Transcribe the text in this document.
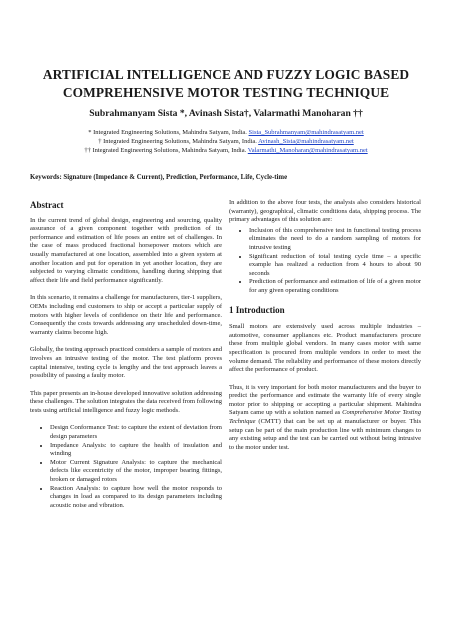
ARTIFICIAL INTELLIGENCE AND FUZZY LOGIC BASED
COMPREHENSIVE MOTOR TESTING TECHNIQUE
Subrahmanyam Sista *, Avinash Sista†, Valarmathi Manoharan ††
* Integrated Engineering Solutions, Mahindra Satyam, India. Sista_Subrahmanyam@mahindrasatyam.net
† Integrated Engineering Solutions, Mahindra Satyam, India. Avinash_Sista@mahindrasatyam.net
†† Integrated Engineering Solutions, Mahindra Satyam, India. Valarmathi_Manoharan@mahindrasatyam.net
Keywords: Signature (Impedance & Current), Prediction, Performance, Life, Cycle-time
Abstract

In the current trend of global design, engineering and sourcing, quality assurance of a given component together with prediction of its performance and estimation of life poses an entire set of challenges. In the case of mass produced fractional horsepower motors which are usually manufactured at one location, assembled into a given system at another location and put for operation in yet another location, they are subjected to varying climatic conditions, handling during shipping that affect their life and field performance significantly.

In this scenario, it remains a challenge for manufacturers, tier-1 suppliers, OEMs including end customers to ship or accept a particular supply of motors with higher levels of confidence on their life and performance. Consequently the costs towards addressing any unscheduled down-time, warranty claims become high.

Globally, the testing approach practiced considers a sample of motors and involves an intrusive testing of the motor. The test platform proves capital intensive, testing cycle is lengthy and the test approach leaves a possibility of passing a faulty motor.

This paper presents an in-house developed innovative solution addressing these challenges. The solution integrates the data received from following tests using artificial intelligence and fuzzy logic methods.

• Design Conformance Test: to capture the extent of deviation from design parameters
• Impedance Analysis: to capture the health of insulation and winding
• Motor Current Signature Analysis: to capture the mechanical defects like eccentricity of the motor, improper bearing fittings, broken or damaged rotors
• Reaction Analysis: to capture how well the motor responds to changes in load as compared to its design parameters including acoustic noise and vibration.

In addition to the above four tests, the analysis also considers historical (warranty), geographical, climatic conditions data, shipping process. The primary advantages of this solution are:

• Inclusion of this comprehensive test in functional testing process eliminates the need to do a random sampling of motors for intrusive testing
• Significant reduction of total testing cycle time – a specific example has realized a reduction from 4 hours to about 90 seconds
• Prediction of performance and estimation of life of a given motor for any given operating conditions
1 Introduction

Small motors are extensively used across multiple industries – automotive, consumer appliances etc. Product manufacturers procure these from multiple global vendors. In many cases motor with same specification is procured from multiple vendors in order to meet the volume demand. The reliability and performance of these motors directly affect the performance of product.

Thus, it is very important for both motor manufacturers and the buyer to predict the performance and estimate the warranty life of every single motor prior to shipping or accepting a particular shipment. Mahindra Satyam came up with a solution named as Comprehensive Motor Testing Technique (CMTT) that can be set up at manufacturer or buyer. This setup can be part of the main production line with minimum changes to any existing setup and the test can be carried out without being intrusive to the motor under test.
